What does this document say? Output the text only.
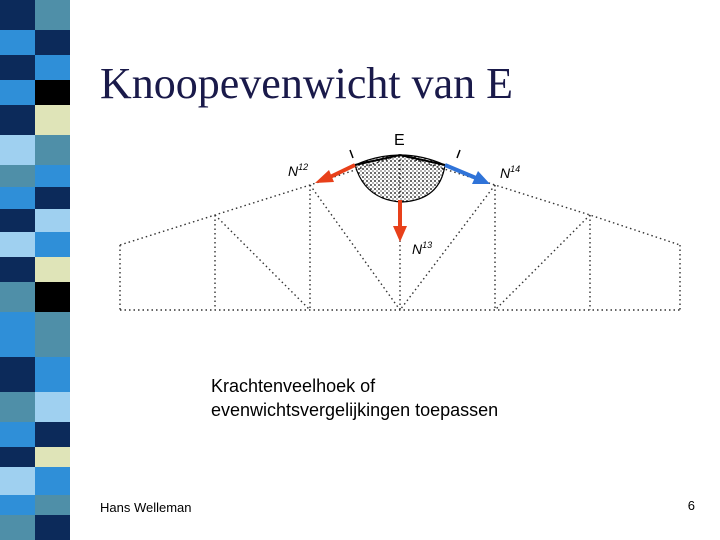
Knoopevenwicht van E
E
$N^{12}$	$N^{14}$
$N^{13}$
Krachtenveelhoek of
evenwichtsvergelijkingen toepassen
Hans Welleman	6
